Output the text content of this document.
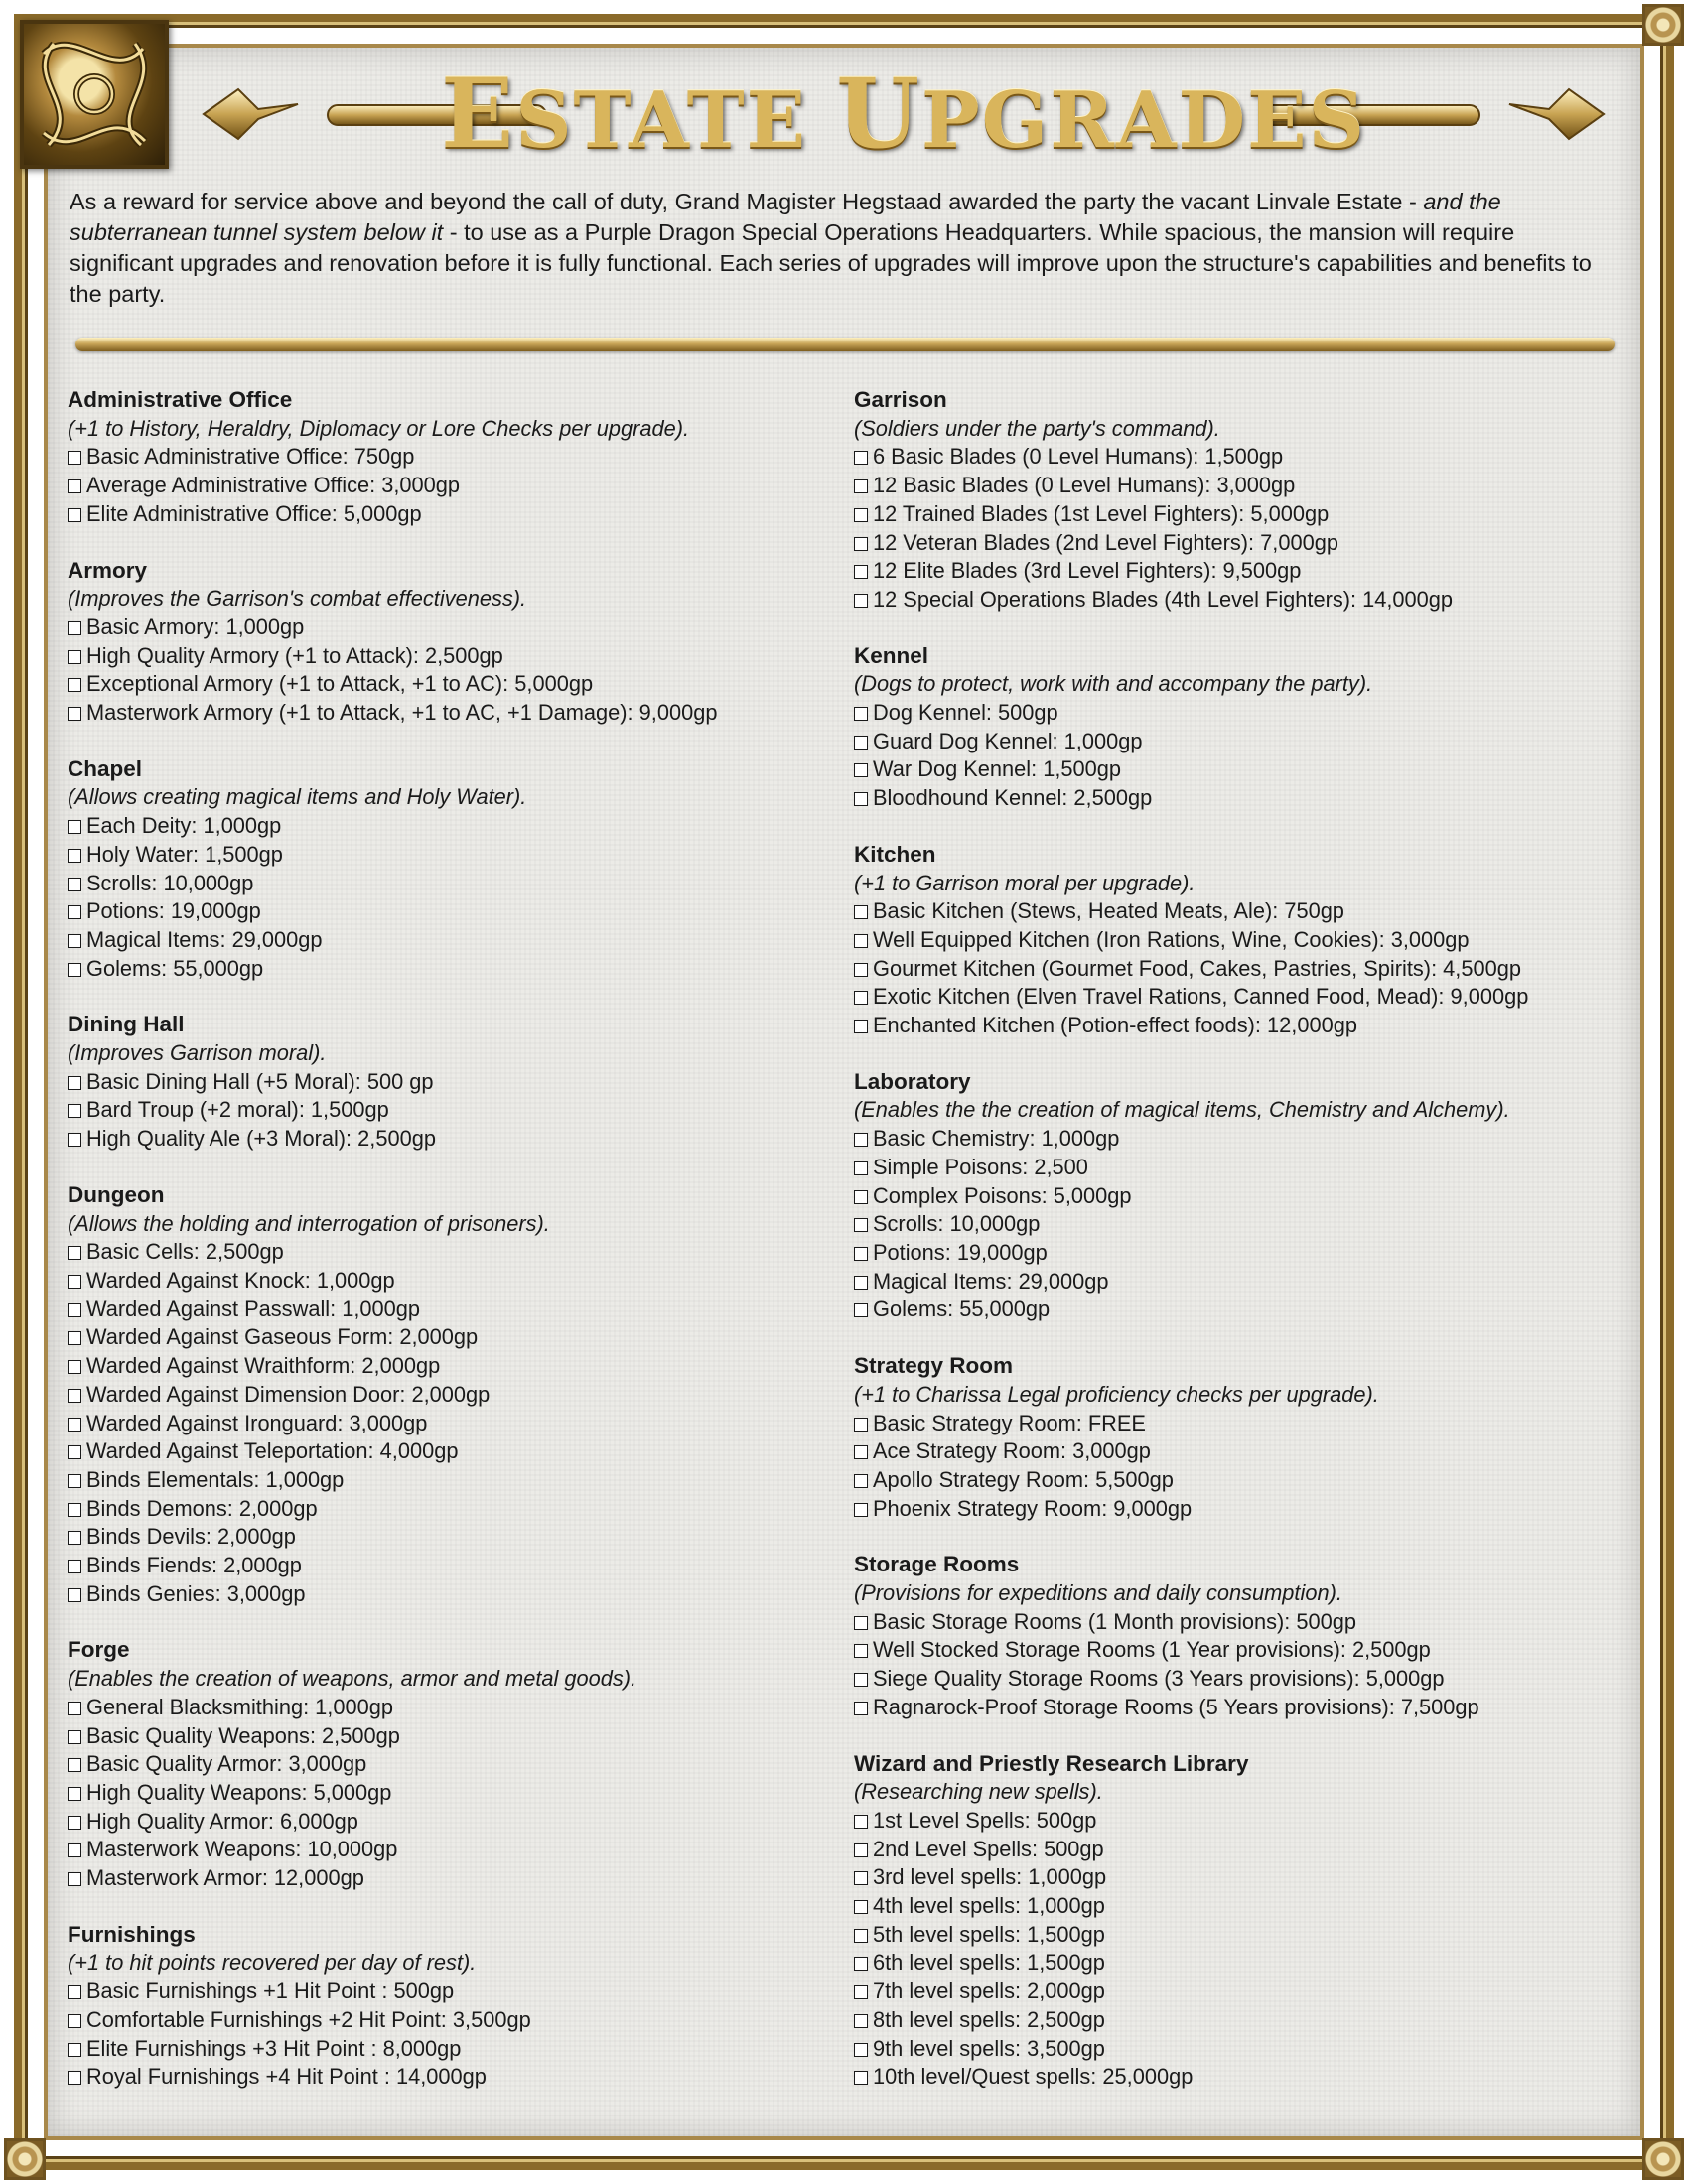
ESTATE UPGRADES
As a reward for service above and beyond the call of duty, Grand Magister Hegstaad awarded the party the vacant Linvale Estate - and the subterranean tunnel system below it - to use as a Purple Dragon Special Operations Headquarters. While spacious, the mansion will require significant upgrades and renovation before it is fully functional. Each series of upgrades will improve upon the structure's capabilities and benefits to the party.
Administrative Office
(+1 to History, Heraldry, Diplomacy or Lore Checks per upgrade).
Basic Administrative Office: 750gp
Average Administrative Office: 3,000gp
Elite Administrative Office: 5,000gp
Armory
(Improves the Garrison's combat effectiveness).
Basic Armory: 1,000gp
High Quality Armory (+1 to Attack): 2,500gp
Exceptional Armory (+1 to Attack, +1 to AC): 5,000gp
Masterwork Armory (+1 to Attack, +1 to AC, +1 Damage): 9,000gp
Chapel
(Allows creating magical items and Holy Water).
Each Deity: 1,000gp
Holy Water: 1,500gp
Scrolls: 10,000gp
Potions: 19,000gp
Magical Items: 29,000gp
Golems: 55,000gp
Dining Hall
(Improves Garrison moral).
Basic Dining Hall (+5 Moral): 500 gp
Bard Troup (+2 moral): 1,500gp
High Quality Ale (+3 Moral): 2,500gp
Dungeon
(Allows the holding and interrogation of prisoners).
Basic Cells: 2,500gp
Warded Against Knock: 1,000gp
Warded Against Passwall: 1,000gp
Warded Against Gaseous Form: 2,000gp
Warded Against Wraithform: 2,000gp
Warded Against Dimension Door: 2,000gp
Warded Against Ironguard: 3,000gp
Warded Against Teleportation: 4,000gp
Binds Elementals: 1,000gp
Binds Demons: 2,000gp
Binds Devils: 2,000gp
Binds Fiends: 2,000gp
Binds Genies: 3,000gp
Forge
(Enables the creation of weapons, armor and metal goods).
General Blacksmithing: 1,000gp
Basic Quality Weapons: 2,500gp
Basic Quality Armor: 3,000gp
High Quality Weapons: 5,000gp
High Quality Armor: 6,000gp
Masterwork Weapons: 10,000gp
Masterwork Armor: 12,000gp
Furnishings
(+1 to hit points recovered per day of rest).
Basic Furnishings +1 Hit Point : 500gp
Comfortable Furnishings +2 Hit Point: 3,500gp
Elite Furnishings +3 Hit Point : 8,000gp
Royal Furnishings +4 Hit Point : 14,000gp
Garrison
(Soldiers under the party's command).
6 Basic Blades (0 Level Humans): 1,500gp
12 Basic Blades (0 Level Humans): 3,000gp
12 Trained Blades (1st Level Fighters): 5,000gp
12 Veteran Blades (2nd Level Fighters): 7,000gp
12 Elite Blades (3rd Level Fighters): 9,500gp
12 Special Operations Blades (4th Level Fighters): 14,000gp
Kennel
(Dogs to protect, work with and accompany the party).
Dog Kennel: 500gp
Guard Dog Kennel: 1,000gp
War Dog Kennel: 1,500gp
Bloodhound Kennel: 2,500gp
Kitchen
(+1 to Garrison moral per upgrade).
Basic Kitchen (Stews, Heated Meats, Ale): 750gp
Well Equipped Kitchen (Iron Rations, Wine, Cookies): 3,000gp
Gourmet Kitchen (Gourmet Food, Cakes, Pastries, Spirits): 4,500gp
Exotic Kitchen (Elven Travel Rations, Canned Food, Mead): 9,000gp
Enchanted Kitchen (Potion-effect foods): 12,000gp
Laboratory
(Enables the the creation of magical items, Chemistry and Alchemy).
Basic Chemistry: 1,000gp
Simple Poisons: 2,500
Complex Poisons: 5,000gp
Scrolls: 10,000gp
Potions: 19,000gp
Magical Items: 29,000gp
Golems: 55,000gp
Strategy Room
(+1 to Charissa Legal proficiency checks per upgrade).
Basic Strategy Room: FREE
Ace Strategy Room: 3,000gp
Apollo Strategy Room: 5,500gp
Phoenix Strategy Room: 9,000gp
Storage Rooms
(Provisions for expeditions and daily consumption).
Basic Storage Rooms (1 Month provisions): 500gp
Well Stocked Storage Rooms (1 Year provisions): 2,500gp
Siege Quality Storage Rooms (3 Years provisions): 5,000gp
Ragnarock-Proof Storage Rooms (5 Years provisions): 7,500gp
Wizard and Priestly Research Library
(Researching new spells).
1st Level Spells: 500gp
2nd Level Spells: 500gp
3rd level spells: 1,000gp
4th level spells: 1,000gp
5th level spells: 1,500gp
6th level spells: 1,500gp
7th level spells: 2,000gp
8th level spells: 2,500gp
9th level spells: 3,500gp
10th level/Quest spells: 25,000gp
